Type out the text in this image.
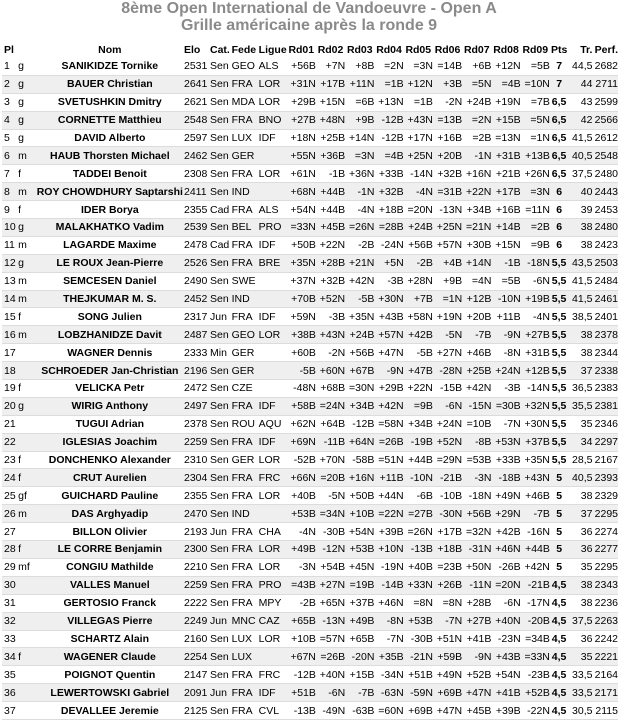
8ème Open International de Vandoeuvre - Open A
Grille américaine après la ronde 9
Pl		Nom	Elo	Cat.	Fede	Ligue	Rd01	Rd02	Rd03	Rd04	Rd05	Rd06	Rd07	Rd08	Rd09	Pts	Tr.	Perf.
1	g	SANIKIDZE Tornike	2531	Sen	GEO	ALS	+56B	+7N	+8B	=2N	=3N	=14B	+6B	+12N	=5B	7	44,5	2682
2	g	BAUER Christian	2641	Sen	FRA	LOR	+31N	+17B	+11N	=1B	+12N	+3B	=5N	=4B	=10N	7	44	2711
3	g	SVETUSHKIN Dmitry	2621	Sen	MDA	LOR	+29B	+15N	=6B	+13N	=1B	-2N	+24B	+19N	=7B	6,5	43	2599
4	g	CORNETTE Matthieu	2548	Sen	FRA	BNO	+27B	+48N	+9B	-12B	+43N	=13B	=2N	+15B	=5N	6,5	42	2566
5	g	DAVID Alberto	2597	Sen	LUX	IDF	+18N	+25B	+14N	-12B	+17N	+16B	=2B	=13N	=1N	6,5	41,5	2612
6	m	HAUB Thorsten Michael	2462	Sen	GER		+55N	+36B	=3N	=4B	+25N	+20B	-1N	+31B	+13B	6,5	40,5	2548
7	f	TADDEI Benoit	2308	Sen	FRA	LOR	+61N	-1B	+36N	+33B	-14N	+32B	+16N	+21B	+26N	6,5	37,5	2480
8	m	ROY CHOWDHURY Saptarshi	2411	Sen	IND		+68N	+44B	-1N	+32B	-4N	=31B	+22N	+17B	=3N	6	40	2443
9	f	IDER Borya	2355	Cad	FRA	ALS	+54N	+44B	-4N	+18B	=20N	-13N	+34B	+16B	=11N	6	39	2453
10	g	MALAKHATKO Vadim	2539	Sen	BEL	PRO	=33N	+45B	=26N	=28B	+24B	+25N	=21N	+14B	=2B	6	38	2480
11	m	LAGARDE Maxime	2478	Cad	FRA	IDF	+50B	+22N	-2B	-24N	+56B	+57N	+30B	+15N	=9B	6	38	2423
12	g	LE ROUX Jean-Pierre	2526	Sen	FRA	BRE	+35N	+28B	+21N	+5N	-2B	+4B	+14N	-1B	-18N	5,5	43,5	2503
13	m	SEMCESEN Daniel	2490	Sen	SWE		+37N	+32B	+42N	-3B	+28N	+9B	=4N	=5B	-6N	5,5	41,5	2484
14	m	THEJKUMAR M. S.	2452	Sen	IND		+70B	+52N	-5B	+30N	+7B	=1N	+12B	-10N	+19B	5,5	41,5	2461
15	f	SONG Julien	2317	Jun	FRA	IDF	+59N	-3B	+35N	+43B	+58N	+19N	+20B	+11B	-4N	5,5	38,5	2401
16	m	LOBZHANIDZE Davit	2487	Sen	GEO	LOR	+38B	+43N	+24B	+57N	+42B	-5N	-7B	-9N	+27B	5,5	38	2378
17		WAGNER Dennis	2333	Min	GER		+60B	-2N	+56B	+47N	-5B	+27N	+46B	-8N	+31B	5,5	38	2344
18		SCHROEDER Jan-Christian	2196	Sen	GER		-5B	+60N	+67B	-9N	+47B	-28N	+25B	+24N	+12B	5,5	37	2338
19	f	VELICKA Petr	2472	Sen	CZE		-48N	+68B	=30N	+29B	+22N	-15B	+42N	-3B	-14N	5,5	36,5	2383
20	g	WIRIG Anthony	2497	Sen	FRA	IDF	+58B	=24N	+34B	+42N	=9B	-6N	-15N	=30B	+32N	5,5	35,5	2381
21		TUGUI Adrian	2378	Sen	ROU	AQU	+62N	+64B	-12B	=58N	+34B	+24N	=10B	-7N	+30N	5,5	35	2346
22		IGLESIAS Joachim	2259	Sen	FRA	IDF	+69N	-11B	+64N	=26B	-19B	+52N	-8B	+53N	+37B	5,5	34	2297
23	f	DONCHENKO Alexander	2310	Sen	GER	LOR	-52B	+70N	-58B	=51N	+44B	=29N	=53B	+33B	+35N	5,5	28,5	2167
24	f	CRUT Aurelien	2304	Sen	FRA	FRC	+66N	=20B	+16N	+11B	-10N	-21B	-3N	-18B	+43N	5	40,5	2393
25	gf	GUICHARD Pauline	2355	Sen	FRA	LOR	+40B	-5N	+50B	+44N	-6B	-10B	-18N	+49N	+46B	5	38	2329
26	m	DAS Arghyadip	2470	Sen	IND		+53B	=34N	+10B	=22N	=27B	-30N	+56B	+29N	-7B	5	37	2295
27		BILLON Olivier	2193	Jun	FRA	CHA	-4N	-30B	+54N	+39B	=26N	+17B	=32N	+42B	-16N	5	36	2274
28	f	LE CORRE Benjamin	2300	Sen	FRA	LOR	+49B	-12N	+53B	+10N	-13B	+18B	-31N	+46N	+44B	5	36	2277
29	mf	CONGIU Mathilde	2210	Sen	FRA	LOR	-3N	+54B	+45N	-19N	+40B	=23B	+50N	-26B	+42N	5	35	2295
30		VALLES Manuel	2259	Sen	FRA	PRO	=43B	+27N	=19B	-14B	+33N	+26B	-11N	=20N	-21B	4,5	38	2343
31		GERTOSIO Franck	2222	Sen	FRA	MPY	-2B	+65N	+37B	+46N	=8N	=8N	+28B	-6N	-17N	4,5	38	2236
32		VILLEGAS Pierre	2249	Jun	MNC	CAZ	+65B	-13N	+49B	-8N	+53B	-7N	+27B	+40N	-20B	4,5	37,5	2263
33		SCHARTZ Alain	2160	Sen	LUX	LOR	+10B	=57N	+65B	-7N	-30B	+51N	+41B	-23N	=34B	4,5	36	2242
34	f	WAGENER Claude	2254	Sen	LUX		+67N	=26B	-20N	+35B	-21N	+59B	-9N	+43B	=33N	4,5	35	2221
35		POIGNOT Quentin	2147	Sen	FRA	FRC	-12B	+40N	+15B	-34N	+51B	+49N	+52B	+54N	-23B	4,5	33,5	2164
36		LEWERTOWSKI Gabriel	2091	Jun	FRA	IDF	+51B	-6N	-7B	-63N	-59N	+69B	+47N	+41B	+52B	4,5	33,5	2171
37		DEVALLEE Jeremie	2125	Sen	FRA	CVL	-13B	-49N	-63B	=60N	+69B	+47N	+45B	+39B	-22N	4,5	30,5	2115
